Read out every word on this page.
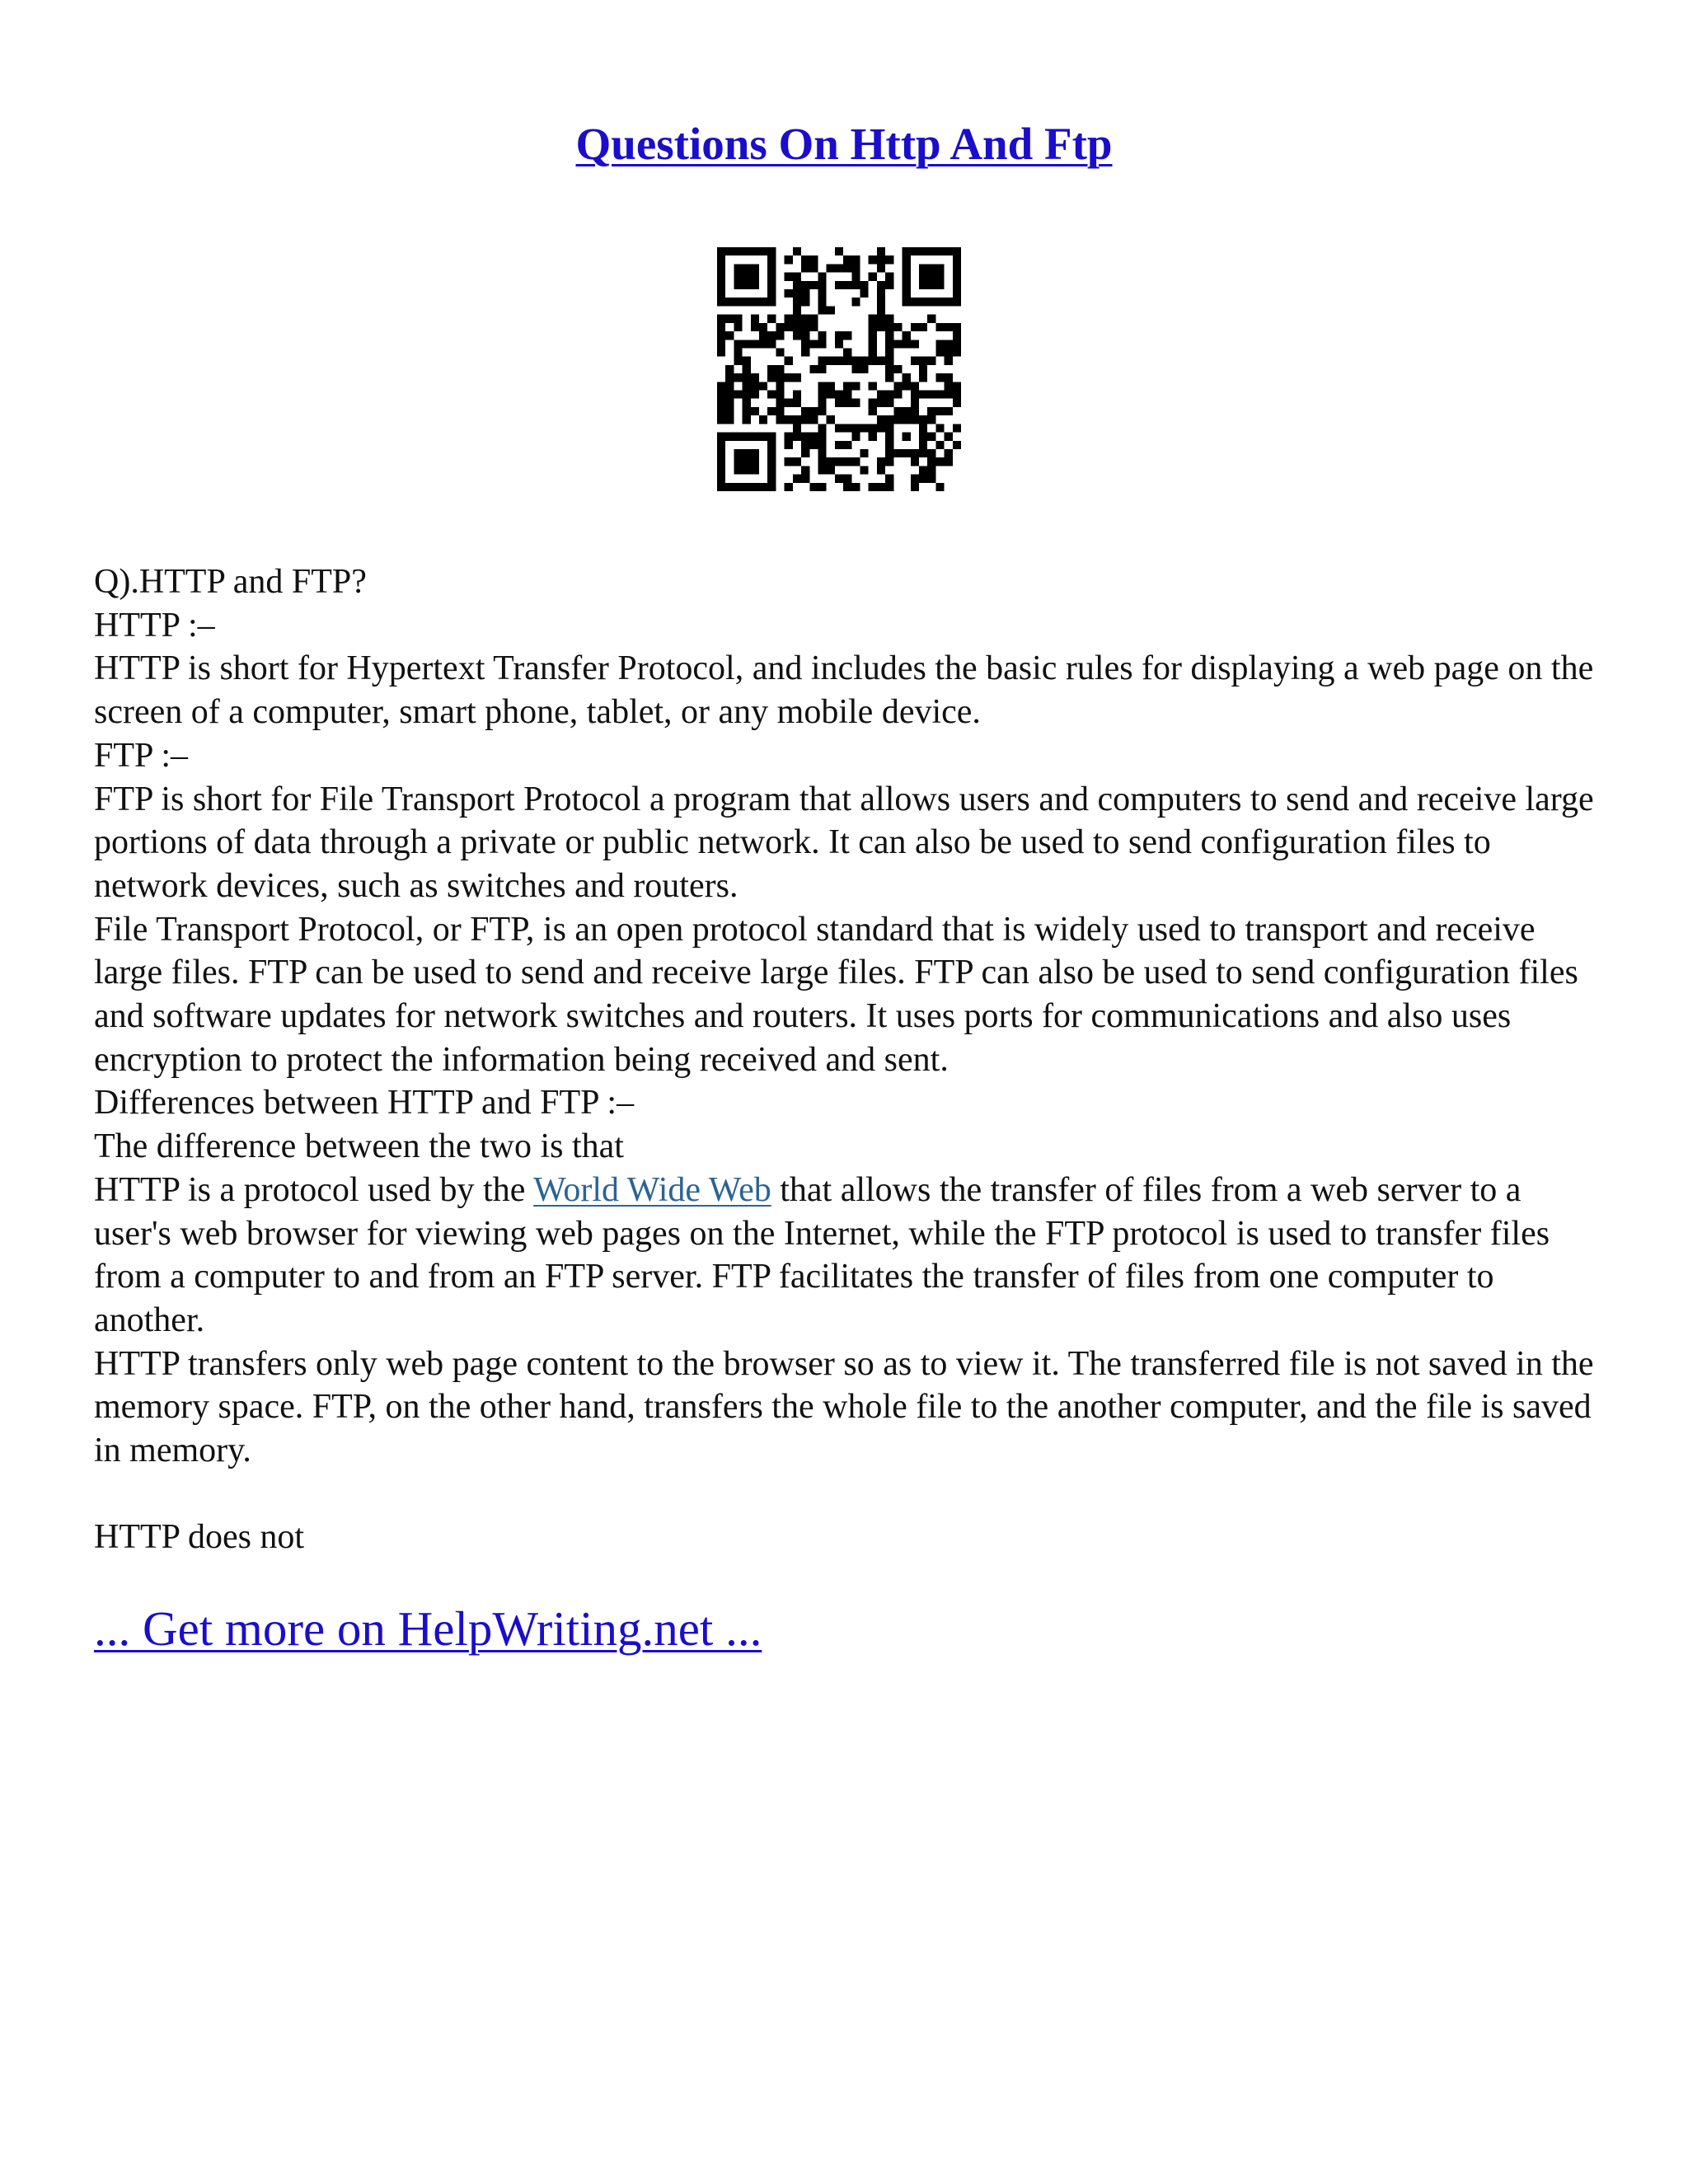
Questions On Http And Ftp

Q).HTTP and FTP?

HTTP :–

HTTP is short for Hypertext Transfer Protocol, and includes the basic rules for displaying a web page on the screen of a computer, smart phone, tablet, or any mobile device.

FTP :–

FTP is short for File Transport Protocol a program that allows users and computers to send and receive large portions of data through a private or public network. It can also be used to send configuration files to network devices, such as switches and routers.

File Transport Protocol, or FTP, is an open protocol standard that is widely used to transport and receive large files. FTP can be used to send and receive large files. FTP can also be used to send configuration files and software updates for network switches and routers. It uses ports for communications and also uses encryption to protect the information being received and sent.

Differences between HTTP and FTP :–

The difference between the two is that

HTTP is a protocol used by the World Wide Web that allows the transfer of files from a web server to a user's web browser for viewing web pages on the Internet, while the FTP protocol is used to transfer files from a computer to and from an FTP server. FTP facilitates the transfer of files from one computer to another.

HTTP transfers only web page content to the browser so as to view it. The transferred file is not saved in the memory space. FTP, on the other hand, transfers the whole file to the another computer, and the file is saved in memory.

HTTP does not

... Get more on HelpWriting.net ...
